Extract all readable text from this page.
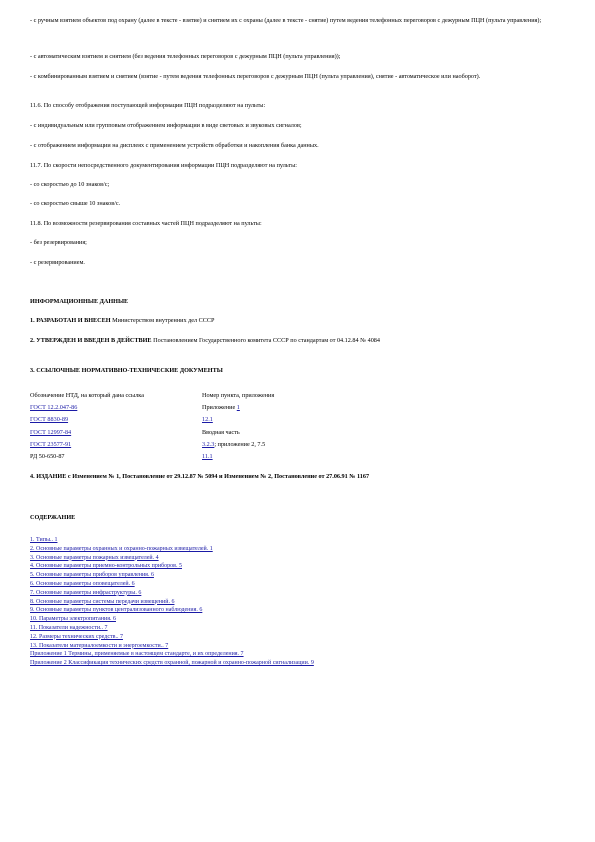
- с ручным взятием объектов под охрану (далее в тексте - взятие) и снятием их с охраны (далее в тексте - снятие) путем ведения телефонных переговоров с дежурным ПЦН (пульта управления);
- с автоматическим взятием и снятием (без ведения телефонных переговоров с дежурным ПЦН (пульта управления));
- с комбинированным взятием и снятием (взятие - путем ведения телефонных переговоров с дежурным ПЦН (пульта управления), снятие - автоматическое или наоборот).
11.6. По способу отображения поступающей информации ПЦН подразделяют на пульты:
- с индивидуальным или групповым отображением информации в виде световых и звуковых сигналов;
- с отображением информации на дисплеях с применением устройств обработки и накопления банка данных.
11.7. По скорости непосредственного документирования информации ПЦН подразделяют на пульты:
- со скоростью до 10 знаков/с;
- со скоростью свыше 10 знаков/с.
11.8. По возможности резервирования составных частей ПЦН подразделяют на пульты:
- без резервирования;
- с резервированием.
ИНФОРМАЦИОННЫЕ ДАННЫЕ
1. РАЗРАБОТАН И ВНЕСЕН Министерством внутренних дел СССР
2. УТВЕРЖДЕН И ВВЕДЕН В ДЕЙСТВИЕ Постановлением Государственного комитета СССР по стандартам от 04.12.84 № 4084
3. ССЫЛОЧНЫЕ НОРМАТИВНО-ТЕХНИЧЕСКИЕ ДОКУМЕНТЫ
Обозначение НТД, на который дана ссылка	Номер пункта, приложения
ГОСТ 12.2.047-86	Приложение 1
ГОСТ 8830-89	12.1
ГОСТ 12997-84	Вводная часть
ГОСТ 23577-91	3.2.3; приложение 2, 7.5
РД 50-650-87	11.1
4. ИЗДАНИЕ с Изменением № 1, Постановление от 29.12.87 № 5094 и Изменением № 2, Постановление от 27.06.91 № 1167
СОДЕРЖАНИЕ
1. Типы.. 1
2. Основные параметры охранных и охранно-пожарных извещателей. 1
3. Основные параметры пожарных извещателей. 4
4. Основные параметры приемно-контрольных приборов. 5
5. Основные параметры приборов управления. 6
6. Основные параметры оповещателей. 6
7. Основные параметры инфраструктуры. 6
8. Основные параметры системы передачи извещений. 6
9. Основные параметры пунктов централизованного наблюдения. 6
10. Параметры электропитания. 6
11. Показатели надежности.. 7
12. Размеры технических средств.. 7
13. Показатели материалоемкости и энергоемкости.. 7
Приложение 1 Термины, применяемые в настоящем стандарте, и их определения. 7
Приложение 2 Классификация технических средств охранной, пожарной и охранно-пожарной сигнализации. 9
